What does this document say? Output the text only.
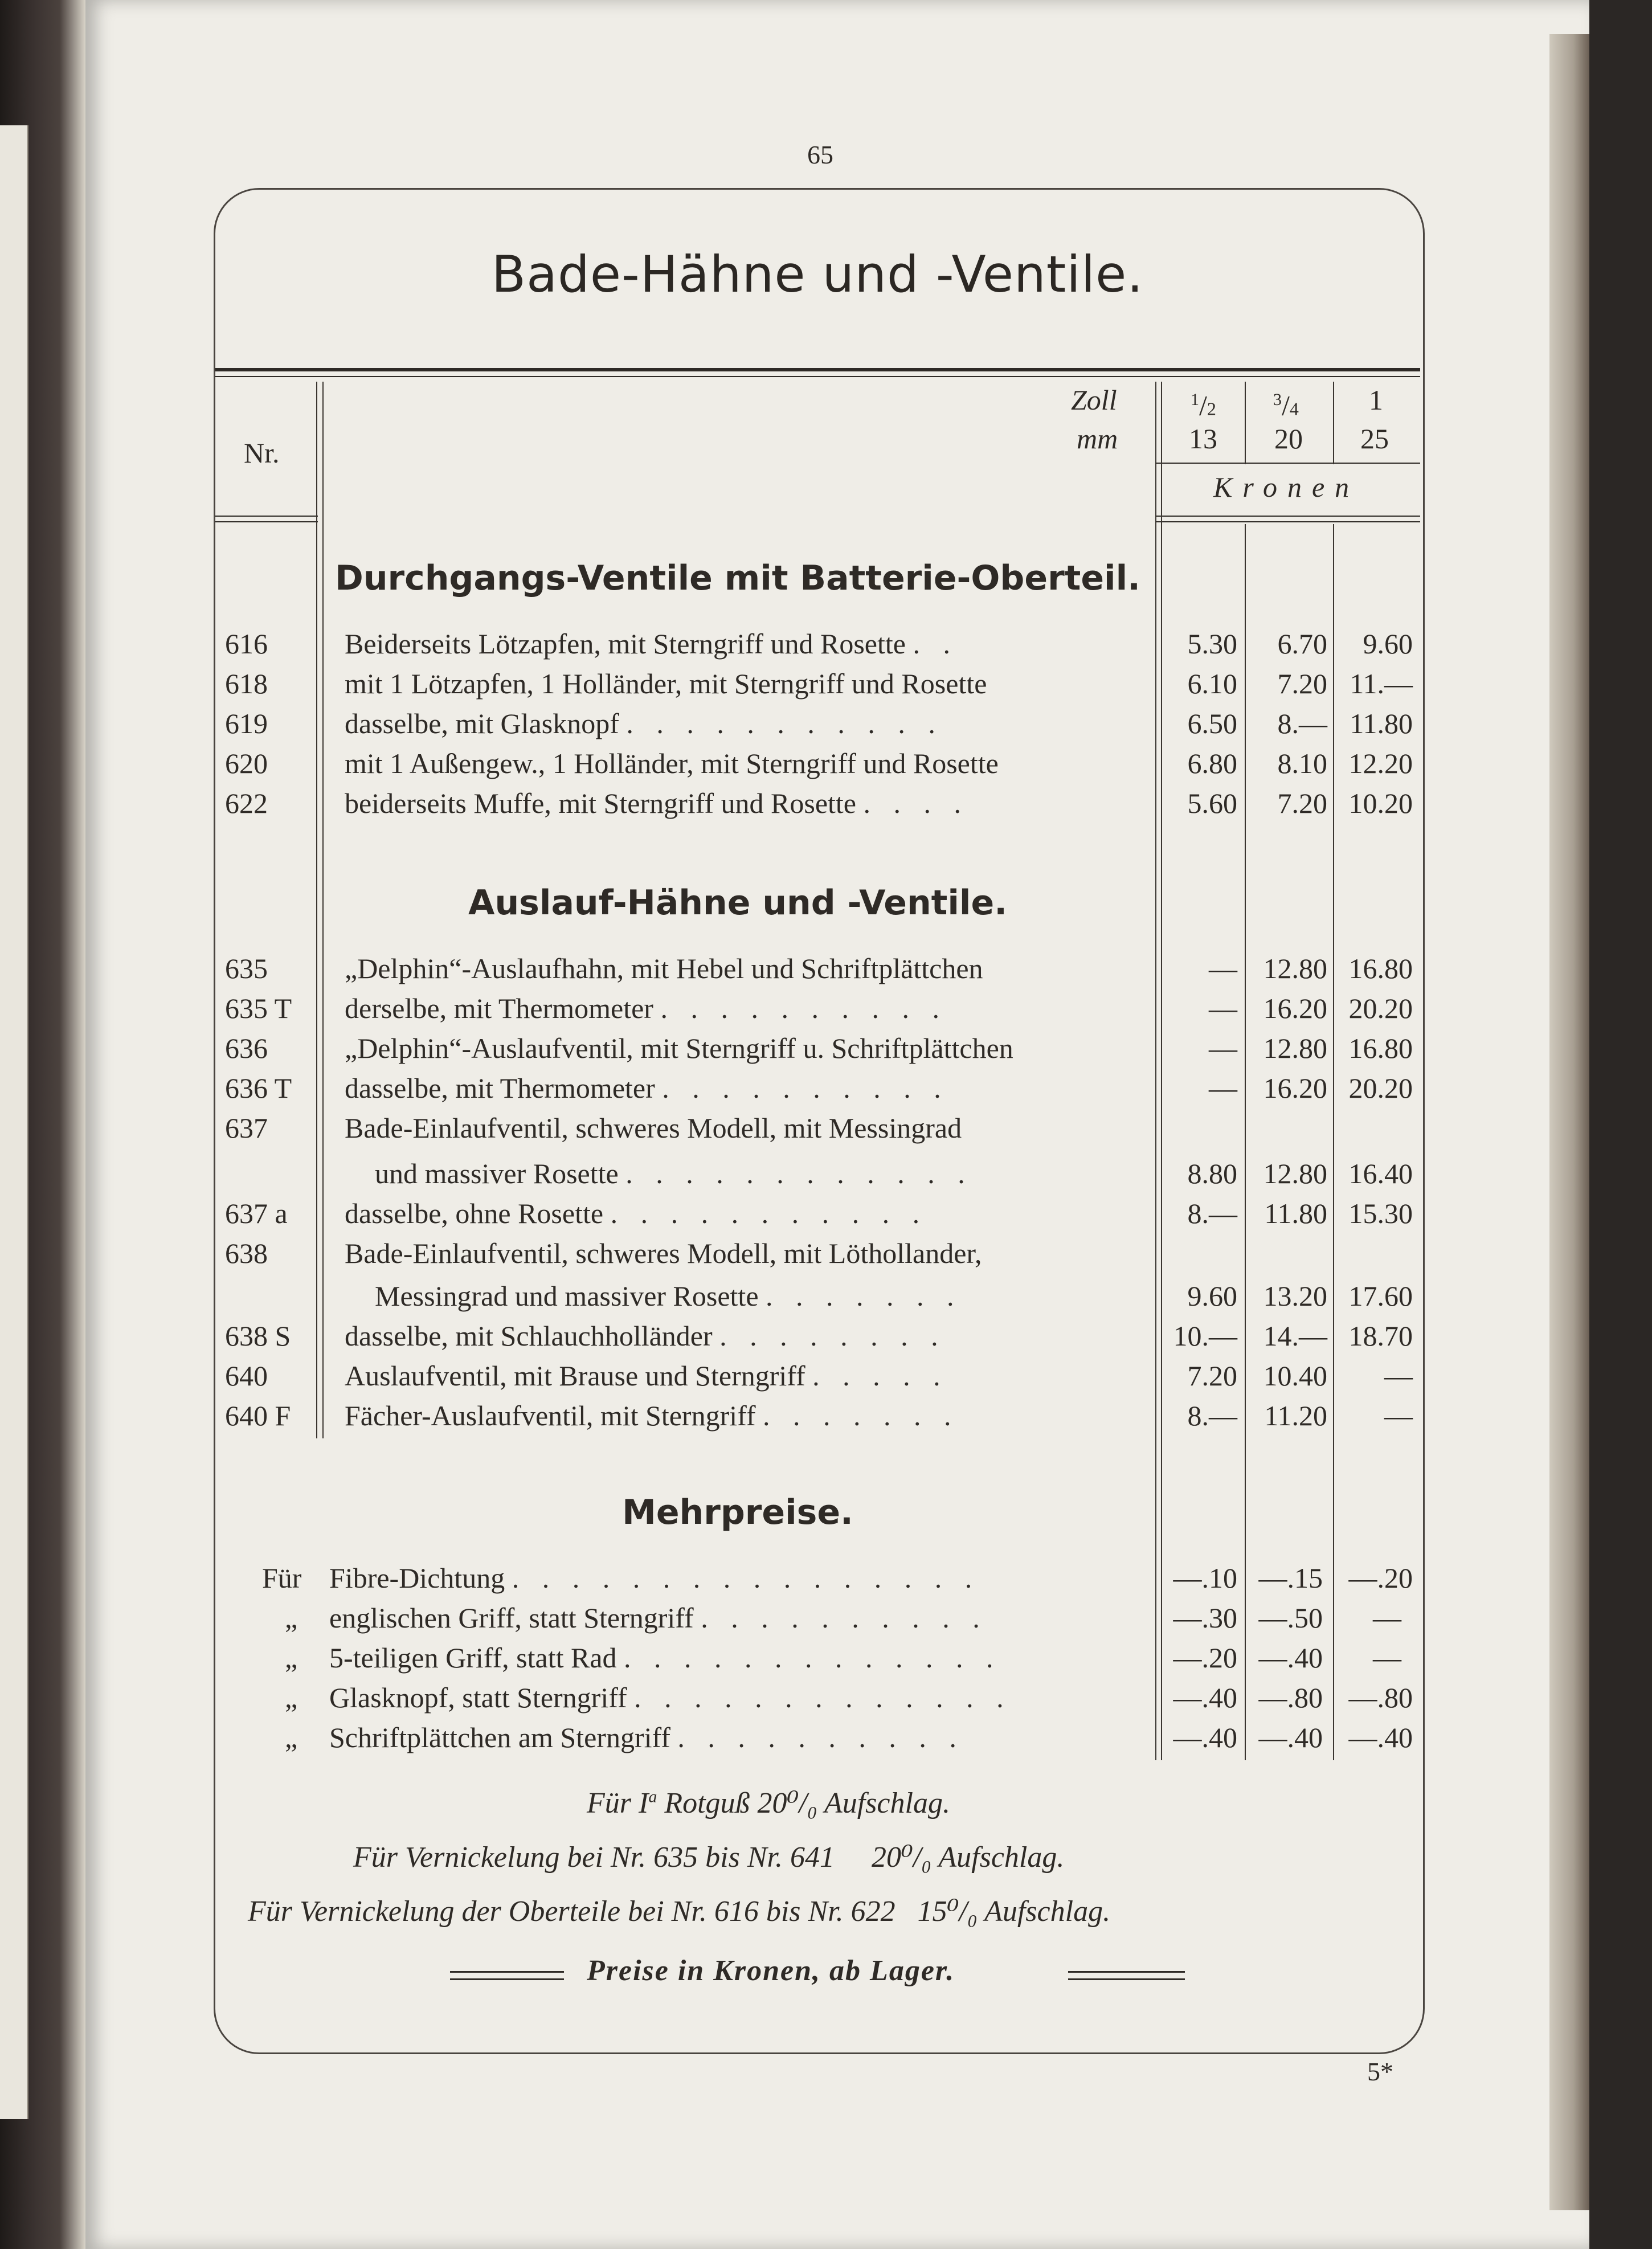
65
Bade-Hähne und -Ventile.
Nr.
Zoll
mm
$^1$/2	$^3$/4 1
13 20 25
Kronen
Durchgangs-Ventile mit Batterie-Oberteil.
616	Beiderseits Lötzapfen, mit Sterngriff und Rosette . .	5.30	6.70	9.60
618	mit 1 Lötzapfen, 1 Holländer, mit Sterngriff und Rosette	6.10	7.20 11.—
619	dasselbe, mit Glasknopf . . . . . . . . . . .	6.50	8.— 11.80
620	mit 1 Außengew., 1 Holländer, mit Sterngriff und Rosette	6.80	8.10 12.20
622	beiderseits Muffe, mit Sterngriff und Rosette . . . .	5.60	7.20 10.20
Auslauf-Hähne und -Ventile.
635	„Delphin“-Auslaufhahn, mit Hebel und Schriftplättchen	— 12.80 16.80
635 T derselbe, mit Thermometer . . . . . . . . . .	— 16.20 20.20
636	„Delphin“-Auslaufventil, mit Sterngriff u. Schriftplättchen	— 12.80 16.80
636 T dasselbe, mit Thermometer . . . . . . . . . .	— 16.20 20.20
637	Bade-Einlaufventil, schweres Modell, mit Messingrad
und massiver Rosette . . . . . . . . . . . .	8.80 12.80 16.40
637 a dasselbe, ohne Rosette . . . . . . . . . . .	8.— 11.80 15.30
638	Bade-Einlaufventil, schweres Modell, mit Löthollander,
Messingrad und massiver Rosette . . . . . . .	9.60 13.20 17.60
638 S dasselbe, mit Schlauchholländer . . . . . . . .	10.— 14.— 18.70
640	Auslaufventil, mit Brause und Sterngriff . . . . .	7.20 10.40	—
640 F Fächer-Auslaufventil, mit Sterngriff . . . . . . .	8.— 11.20	—
Mehrpreise.
Für Fibre-Dichtung . . . . . . . . . . . . . . . .	—.10 —.15 —.20
„ englischen Griff, statt Sterngriff . . . . . . . . . .	—.30 —.50	—
„ 5-teiligen Griff, statt Rad . . . . . . . . . . . . .	—.20 —.40	—
„ Glasknopf, statt Sterngriff . . . . . . . . . . . . .	—.40 —.80 —.80
„ Schriftplättchen am Sterngriff . . . . . . . . . .	—.40 —.40 —.40
Für $I^a$ Rotguß 20⁰/₀ Aufschlag.
Für Vernickelung bei Nr. 635 bis Nr. 641     20⁰/₀ Aufschlag.
Für Vernickelung der Oberteile bei Nr. 616 bis Nr. 622   15⁰/₀ Aufschlag.
Preise in Kronen, ab Lager.
5*
